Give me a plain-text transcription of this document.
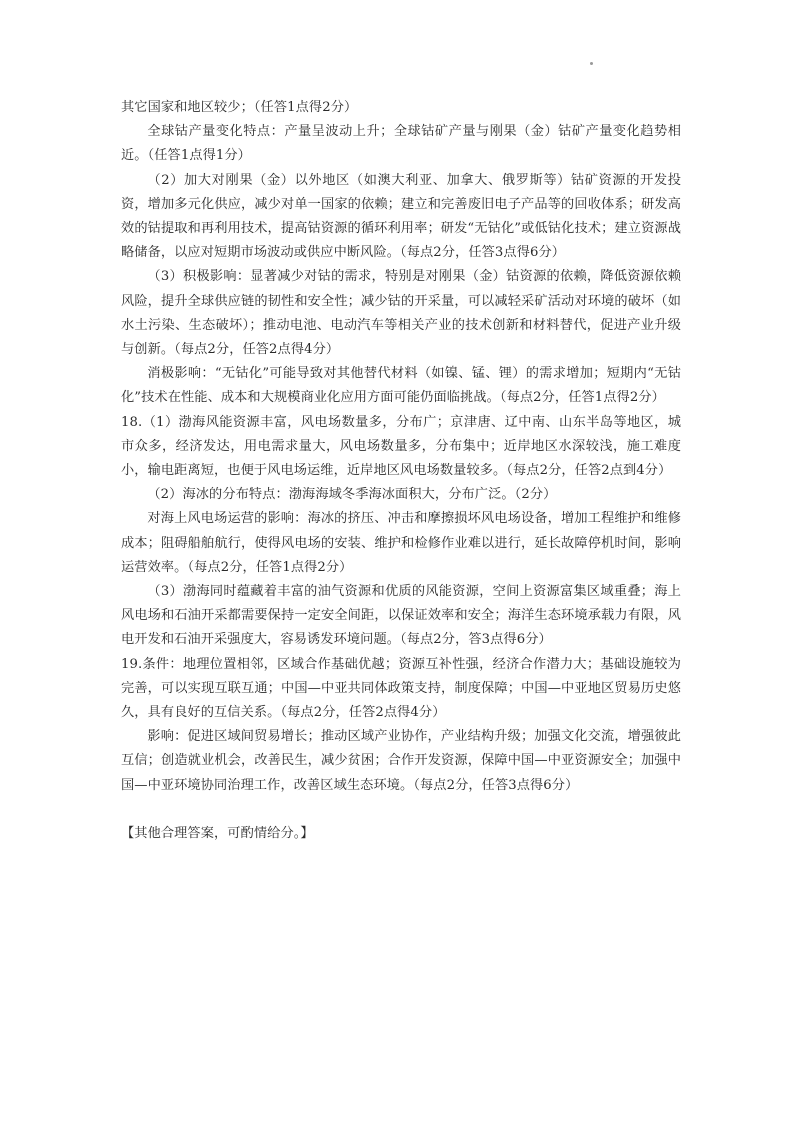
其它国家和地区较少；（任答1点得2分）

全球钴产量变化特点：产量呈波动上升；全球钴矿产量与刚果（金）钴矿产量变化趋势相近。（任答1点得1分）

（2）加大对刚果（金）以外地区（如澳大利亚、加拿大、俄罗斯等）钴矿资源的开发投资，增加多元化供应，减少对单一国家的依赖；建立和完善废旧电子产品等的回收体系；研发高效的钴提取和再利用技术，提高钴资源的循环利用率；研发“无钴化”或低钴化技术；建立资源战略储备，以应对短期市场波动或供应中断风险。（每点2分，任答3点得6分）

（3）积极影响：显著减少对钴的需求，特别是对刚果（金）钴资源的依赖，降低资源依赖风险，提升全球供应链的韧性和安全性；减少钴的开采量，可以减轻采矿活动对环境的破坏（如水土污染、生态破坏）；推动电池、电动汽车等相关产业的技术创新和材料替代，促进产业升级与创新。（每点2分，任答2点得4分）

消极影响：“无钴化”可能导致对其他替代材料（如镍、锰、锂）的需求增加；短期内“无钴化”技术在性能、成本和大规模商业化应用方面可能仍面临挑战。（每点2分，任答1点得2分）

18.（1）渤海风能资源丰富，风电场数量多，分布广；京津唐、辽中南、山东半岛等地区，城市众多，经济发达，用电需求量大，风电场数量多，分布集中；近岸地区水深较浅，施工难度小，输电距离短，也便于风电场运维，近岸地区风电场数量较多。（每点2分，任答2点到4分）

（2）海冰的分布特点：渤海海域冬季海冰面积大，分布广泛。（2分）

对海上风电场运营的影响：海冰的挤压、冲击和摩擦损坏风电场设备，增加工程维护和维修成本；阻碍船舶航行，使得风电场的安装、维护和检修作业难以进行，延长故障停机时间，影响运营效率。（每点2分，任答1点得2分）

（3）渤海同时蕴藏着丰富的油气资源和优质的风能资源，空间上资源富集区域重叠；海上风电场和石油开采都需要保持一定安全间距，以保证效率和安全；海洋生态环境承载力有限，风电开发和石油开采强度大，容易诱发环境问题。（每点2分，答3点得6分）

19.条件：地理位置相邻，区域合作基础优越；资源互补性强，经济合作潜力大；基础设施较为完善，可以实现互联互通；中国—中亚共同体政策支持，制度保障；中国—中亚地区贸易历史悠久，具有良好的互信关系。（每点2分，任答2点得4分）

影响：促进区域间贸易增长；推动区域产业协作，产业结构升级；加强文化交流，增强彼此互信；创造就业机会，改善民生，减少贫困；合作开发资源，保障中国—中亚资源安全；加强中国—中亚环境协同治理工作，改善区域生态环境。（每点2分，任答3点得6分）

【其他合理答案，可酌情给分。】
